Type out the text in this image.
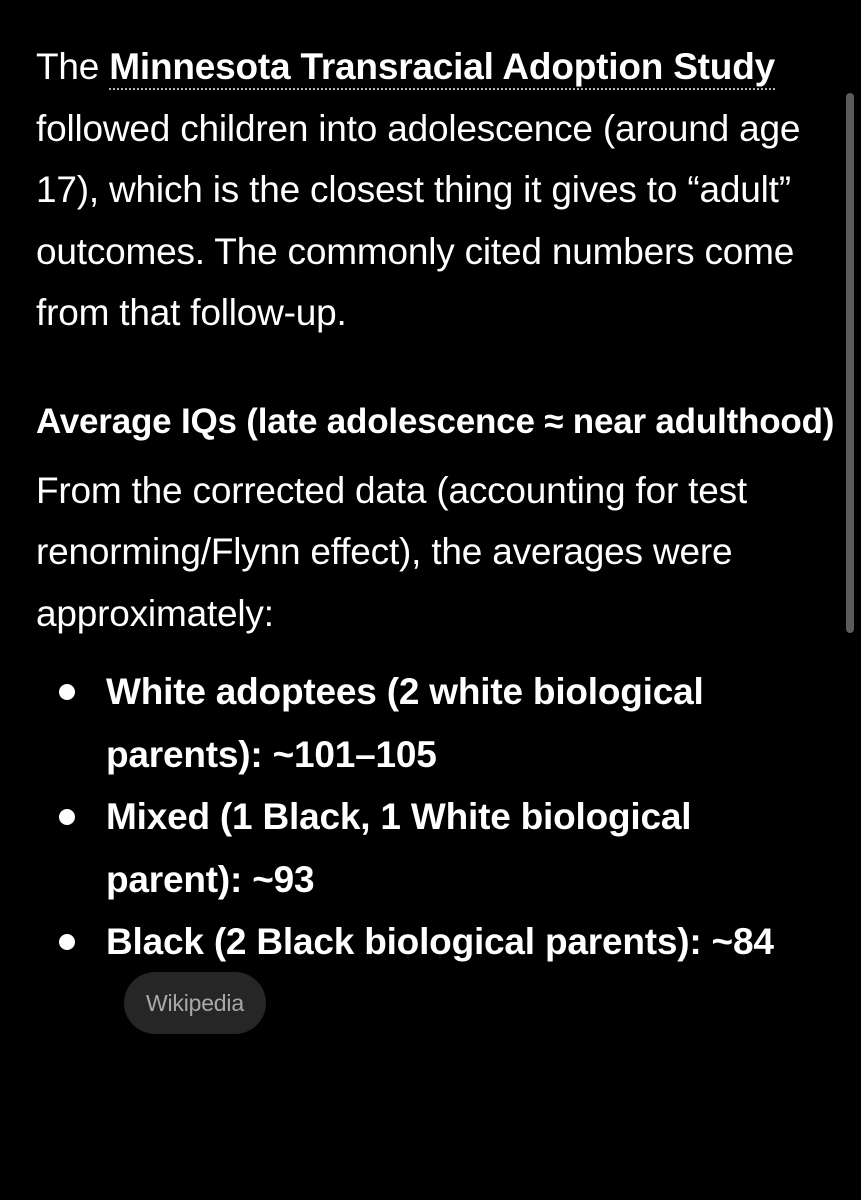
The Minnesota Transracial Adoption Study followed children into adolescence (around age 17), which is the closest thing it gives to “adult” outcomes. The commonly cited numbers come from that follow-up.

Average IQs (late adolescence ≈ near adulthood)

From the corrected data (accounting for test renorming/Flynn effect), the averages were approximately:

White adoptees (2 white biological parents): ~101–105
Mixed (1 Black, 1 White biological parent): ~93
Black (2 Black biological parents): ~84Wikipedia
